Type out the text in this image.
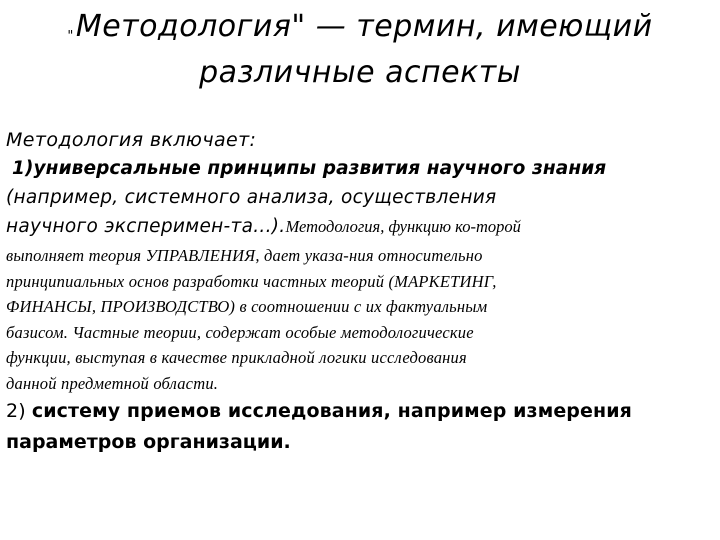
"Методология" — термин, имеющий
различные аспекты
Методология включает:
1)универсальные принципы развития научного знания
(например, системного анализа, осуществления
научного эксперимен-та...).Методология, функцию ко-торой
выполняет теория УПРАВЛЕНИЯ, дает указа-ния относительно
принципиальных основ разработки частных теорий (МАРКЕТИНГ,
ФИНАНСЫ, ПРОИЗВОДСТВО) в соотношении с их фактуальным
базисом. Частные теории, содержат особые методологические
функции, выступая в качестве прикладной логики исследования
данной предметной области.
2) систему приемов исследования, например измерения
параметров организации.
